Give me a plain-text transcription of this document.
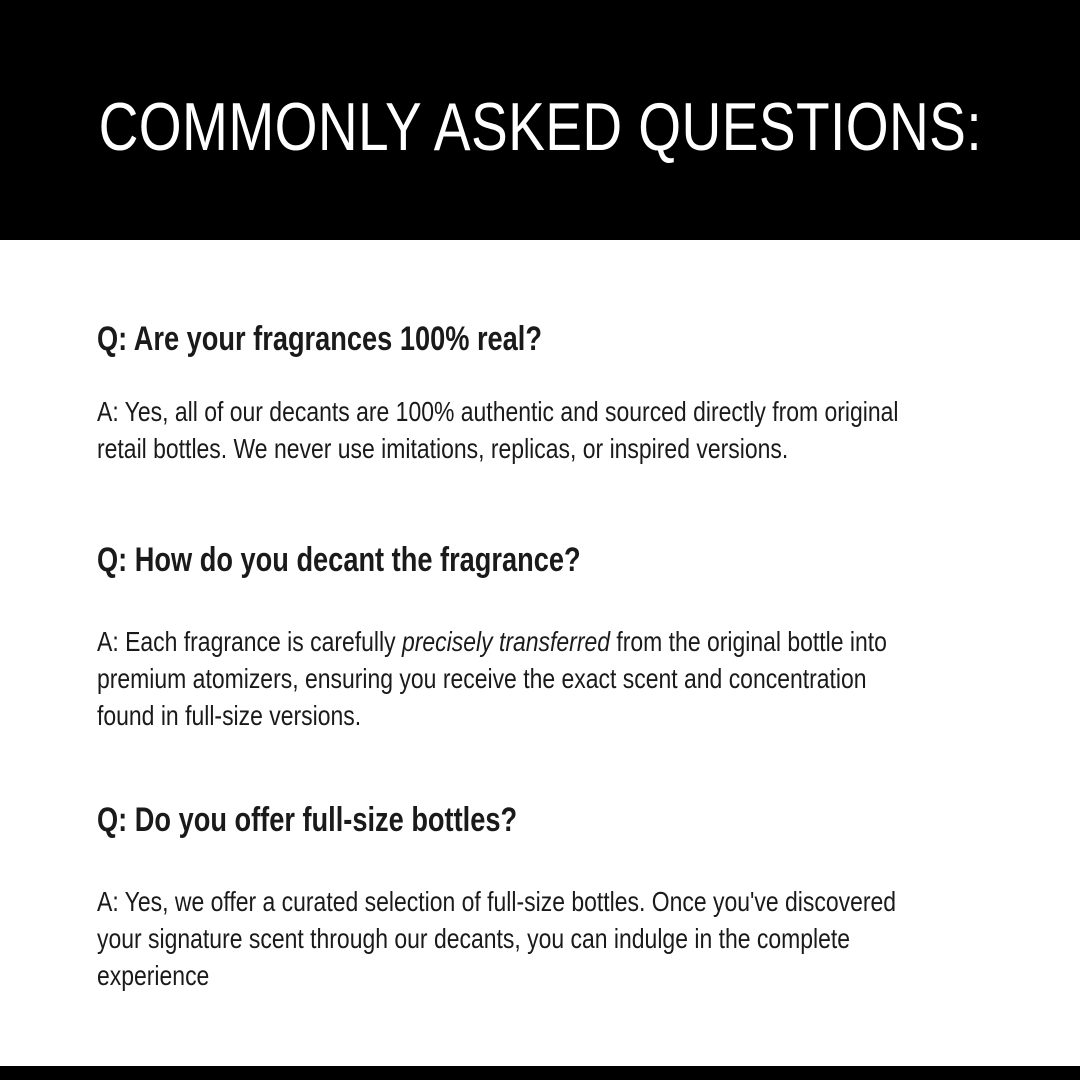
COMMONLY ASKED QUESTIONS:
Q: Are your fragrances 100% real?
A: Yes, all of our decants are 100% authentic and sourced directly from original
retail bottles. We never use imitations, replicas, or inspired versions.
Q: How do you decant the fragrance?
A: Each fragrance is carefully precisely transferred from the original bottle into
premium atomizers, ensuring you receive the exact scent and concentration
found in full-size versions.
Q: Do you offer full-size bottles?
A: Yes, we offer a curated selection of full-size bottles. Once you've discovered
your signature scent through our decants, you can indulge in the complete
experience
